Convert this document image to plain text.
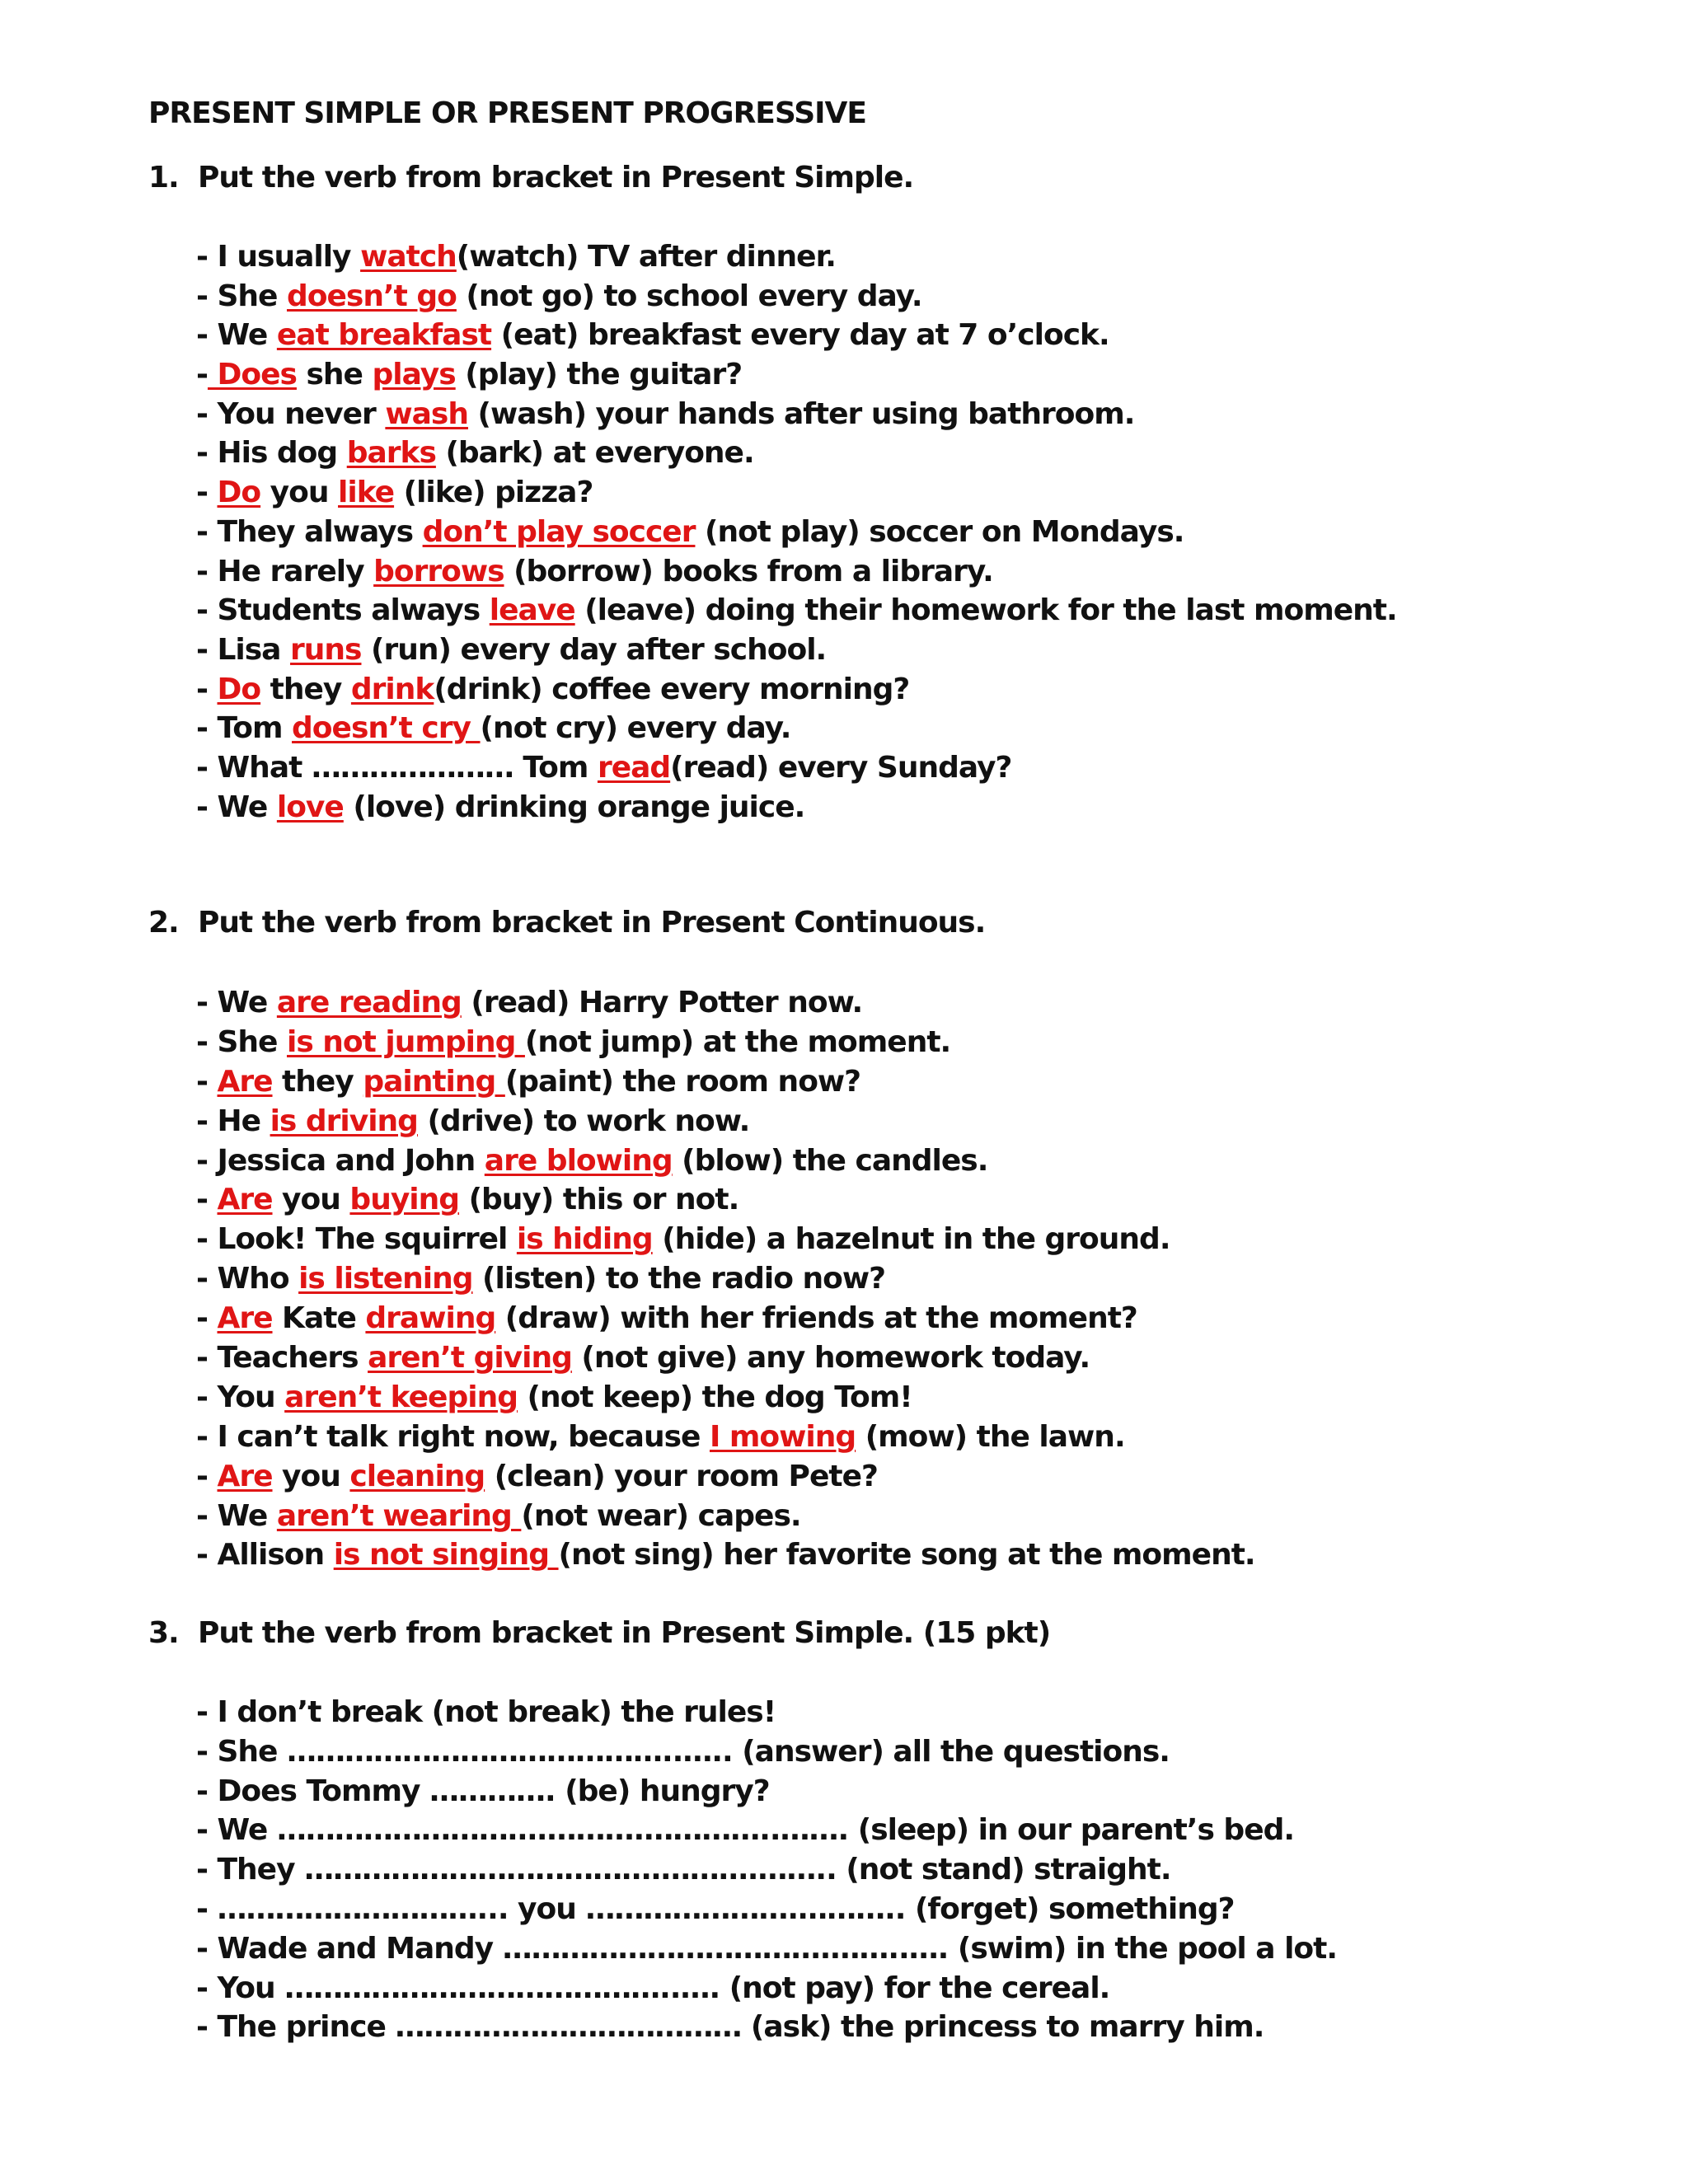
PRESENT SIMPLE OR PRESENT PROGRESSIVE
1. Put the verb from bracket in Present Simple.
- I usually watch(watch) TV after dinner.
- She doesn’t go (not go) to school every day.
- We eat breakfast (eat) breakfast every day at 7 o’clock.
- Does she plays (play) the guitar?
- You never wash (wash) your hands after using bathroom.
- His dog barks (bark) at everyone.
- Do you like (like) pizza?
- They always don’t play soccer (not play) soccer on Mondays.
- He rarely borrows (borrow) books from a library.
- Students always leave (leave) doing their homework for the last moment.
- Lisa runs (run) every day after school.
- Do they drink(drink) coffee every morning?
- Tom doesn’t cry (not cry) every day.
- What ………………… Tom read(read) every Sunday?
- We love (love) drinking orange juice.
2. Put the verb from bracket in Present Continuous.
- We are reading (read) Harry Potter now.
- She is not jumping (not jump) at the moment.
- Are they painting (paint) the room now?
- He is driving (drive) to work now.
- Jessica and John are blowing (blow) the candles.
- Are you buying (buy) this or not.
- Look! The squirrel is hiding (hide) a hazelnut in the ground.
- Who is listening (listen) to the radio now?
- Are Kate drawing (draw) with her friends at the moment?
- Teachers aren’t giving (not give) any homework today.
- You aren’t keeping (not keep) the dog Tom!
- I can’t talk right now, because I mowing (mow) the lawn.
- Are you cleaning (clean) your room Pete?
- We aren’t wearing (not wear) capes.
- Allison is not singing (not sing) her favorite song at the moment.
3. Put the verb from bracket in Present Simple. (15 pkt)
- I don’t break (not break) the rules!
- She …………………………………..….. (answer) all the questions.
- Does Tommy …………. (be) hungry?
- We ……………………….……….…………..……. (sleep) in our parent’s bed.
- They ……………………………….……….…….. (not stand) straight.
- ………………………... you ………………….……….. (forget) something?
- Wade and Mandy …………………………….……..…. (swim) in the pool a lot.
- You …………………………………..…. (not pay) for the cereal.
- The prince ……………………………… (ask) the princess to marry him.
